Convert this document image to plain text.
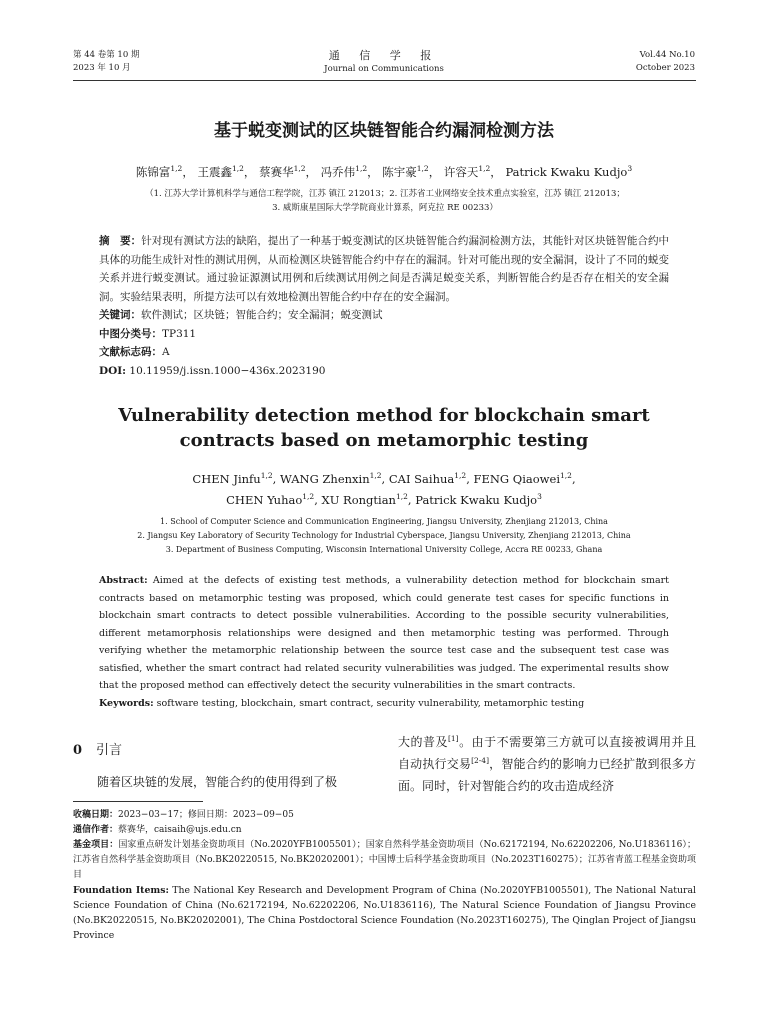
第 44 卷第 10 期
2023 年 10 月
通 信 学 报
Journal on Communications
Vol.44 No.10
October 2023
基于蜕变测试的区块链智能合约漏洞检测方法
陈锦富$^{1,2}$， 王震鑫$^{1,2}$， 蔡赛华$^{1,2}$， 冯乔伟$^{1,2}$， 陈宇豪$^{1,2}$， 许容天$^{1,2}$， Patrick Kwaku Kudjo$^3$
（1. 江苏大学计算机科学与通信工程学院，江苏 镇江 212013；2. 江苏省工业网络安全技术重点实验室，江苏 镇江 212013；
3. 威斯康星国际大学学院商业计算系，阿克拉 RE 00233）
摘　要：针对现有测试方法的缺陷，提出了一种基于蜕变测试的区块链智能合约漏洞检测方法，其能针对区块链智能合约中具体的功能生成针对性的测试用例，从而检测区块链智能合约中存在的漏洞。针对可能出现的安全漏洞，设计了不同的蜕变关系并进行蜕变测试。通过验证源测试用例和后续测试用例之间是否满足蜕变关系，判断智能合约是否存在相关的安全漏洞。实验结果表明，所提方法可以有效地检测出智能合约中存在的安全漏洞。
关键词：软件测试；区块链；智能合约；安全漏洞；蜕变测试
中图分类号：TP311
文献标志码：A
DOI: 10.11959/j.issn.1000−436x.2023190
Vulnerability detection method for blockchain smart
contracts based on metamorphic testing
CHEN Jinfu$^{1,2}$, WANG Zhenxin$^{1,2}$, CAI Saihua$^{1,2}$, FENG Qiaowei$^{1,2}$,
CHEN Yuhao$^{1,2}$, XU Rongtian$^{1,2}$, Patrick Kwaku Kudjo$^3$
1. School of Computer Science and Communication Engineering, Jiangsu University, Zhenjiang 212013, China
2. Jiangsu Key Laboratory of Security Technology for Industrial Cyberspace, Jiangsu University, Zhenjiang 212013, China
3. Department of Business Computing, Wisconsin International University College, Accra RE 00233, Ghana
Abstract: Aimed at the defects of existing test methods, a vulnerability detection method for blockchain smart contracts based on metamorphic testing was proposed, which could generate test cases for specific functions in blockchain smart contracts to detect possible vulnerabilities. According to the possible security vulnerabilities, different metamorphosis relationships were designed and then metamorphic testing was performed. Through verifying whether the metamorphic relationship between the source test case and the subsequent test case was satisfied, whether the smart contract had related security vulnerabilities was judged. The experimental results show that the proposed method can effectively detect the security vulnerabilities in the smart contracts.
Keywords: software testing, blockchain, smart contract, security vulnerability, metamorphic testing
0 引言
随着区块链的发展，智能合约的使用得到了极
大的普及[1]。由于不需要第三方就可以直接被调用并且自动执行交易[2-4]，智能合约的影响力已经扩散到很多方面。同时，针对智能合约的攻击造成经济

收稿日期：2023−03−17；修回日期：2023−09−05

通信作者：蔡赛华，caisaih@ujs.edu.cn

基金项目：国家重点研发计划基金资助项目（No.2020YFB1005501）；国家自然科学基金资助项目（No.62172194, No.62202206, No.U1836116）；江苏省自然科学基金资助项目（No.BK20220515, No.BK20202001）；中国博士后科学基金资助项目（No.2023T160275）；江苏省青蓝工程基金资助项目

Foundation Items: The National Key Research and Development Program of China (No.2020YFB1005501), The National Natural Science Foundation of China (No.62172194, No.62202206, No.U1836116), The Natural Science Foundation of Jiangsu Province (No.BK20220515, No.BK20202001), The China Postdoctoral Science Foundation (No.2023T160275), The Qinglan Project of Jiangsu Province
